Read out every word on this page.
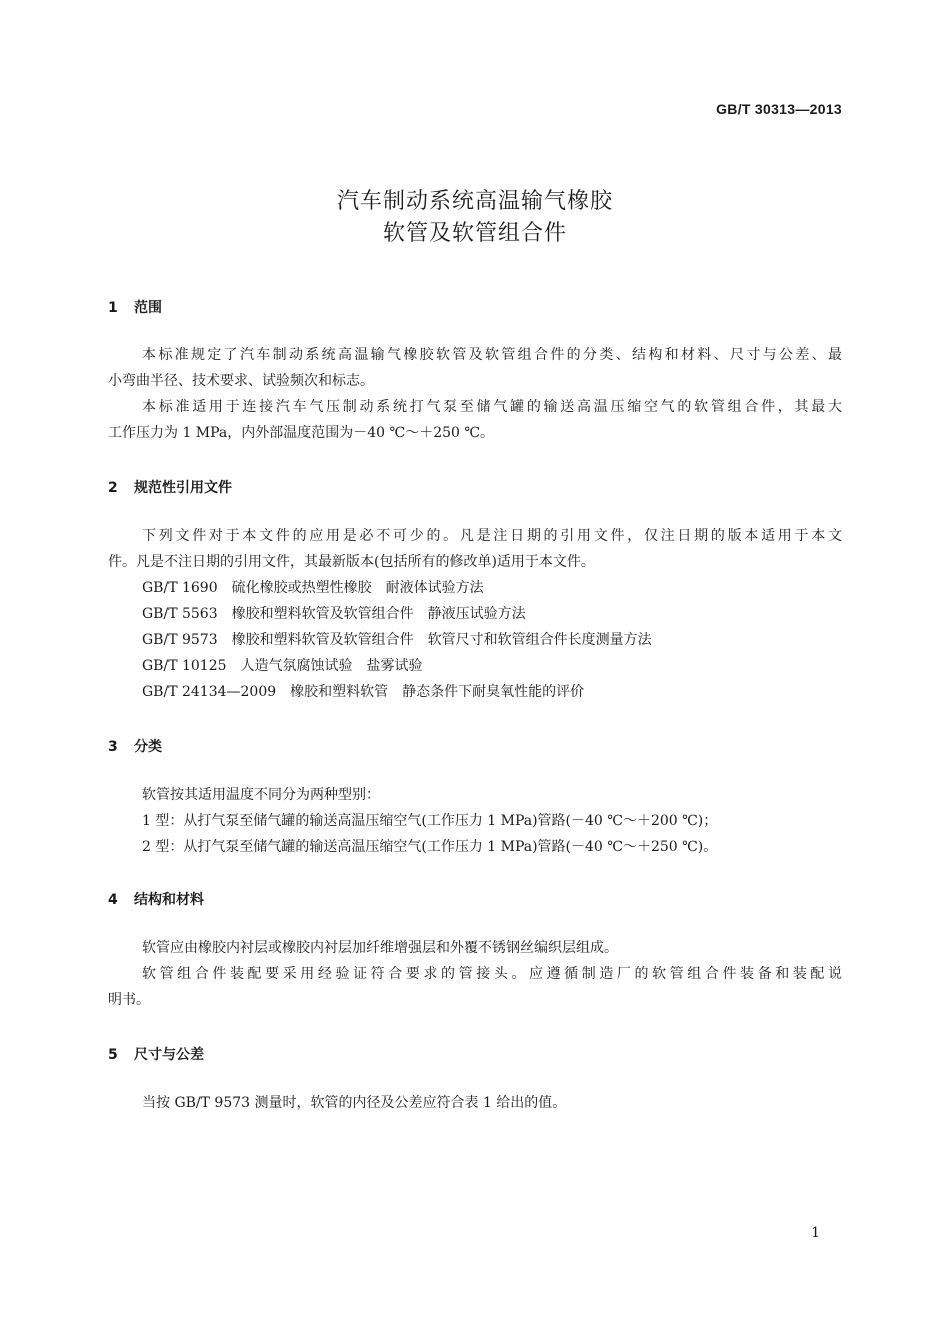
GB/T 30313—2013
汽车制动系统高温输气橡胶
软管及软管组合件
1 范围
本标准规定了汽车制动系统高温输气橡胶软管及软管组合件的分类、结构和材料、尺寸与公差、最
小弯曲半径、技术要求、试验频次和标志。
本标准适用于连接汽车气压制动系统打气泵至储气罐的输送高温压缩空气的软管组合件，其最大
工作压力为 1 MPa，内外部温度范围为－40 ℃～＋250 ℃。
2 规范性引用文件
下列文件对于本文件的应用是必不可少的。凡是注日期的引用文件，仅注日期的版本适用于本文
件。凡是不注日期的引用文件，其最新版本(包括所有的修改单)适用于本文件。
GB/T 1690 硫化橡胶或热塑性橡胶　耐液体试验方法
GB/T 5563 橡胶和塑料软管及软管组合件　静液压试验方法
GB/T 9573 橡胶和塑料软管及软管组合件　软管尺寸和软管组合件长度测量方法
GB/T 10125 人造气氛腐蚀试验　盐雾试验
GB/T 24134—2009 橡胶和塑料软管　静态条件下耐臭氧性能的评价
3 分类
软管按其适用温度不同分为两种型别：
1 型：从打气泵至储气罐的输送高温压缩空气(工作压力 1 MPa)管路(－40 ℃～＋200 ℃)；
2 型：从打气泵至储气罐的输送高温压缩空气(工作压力 1 MPa)管路(－40 ℃～＋250 ℃)。
4 结构和材料
软管应由橡胶内衬层或橡胶内衬层加纤维增强层和外覆不锈钢丝编织层组成。
软管组合件装配要采用经验证符合要求的管接头。应遵循制造厂的软管组合件装备和装配说
明书。
5 尺寸与公差
当按 GB/T 9573 测量时，软管的内径及公差应符合表 1 给出的值。
1
